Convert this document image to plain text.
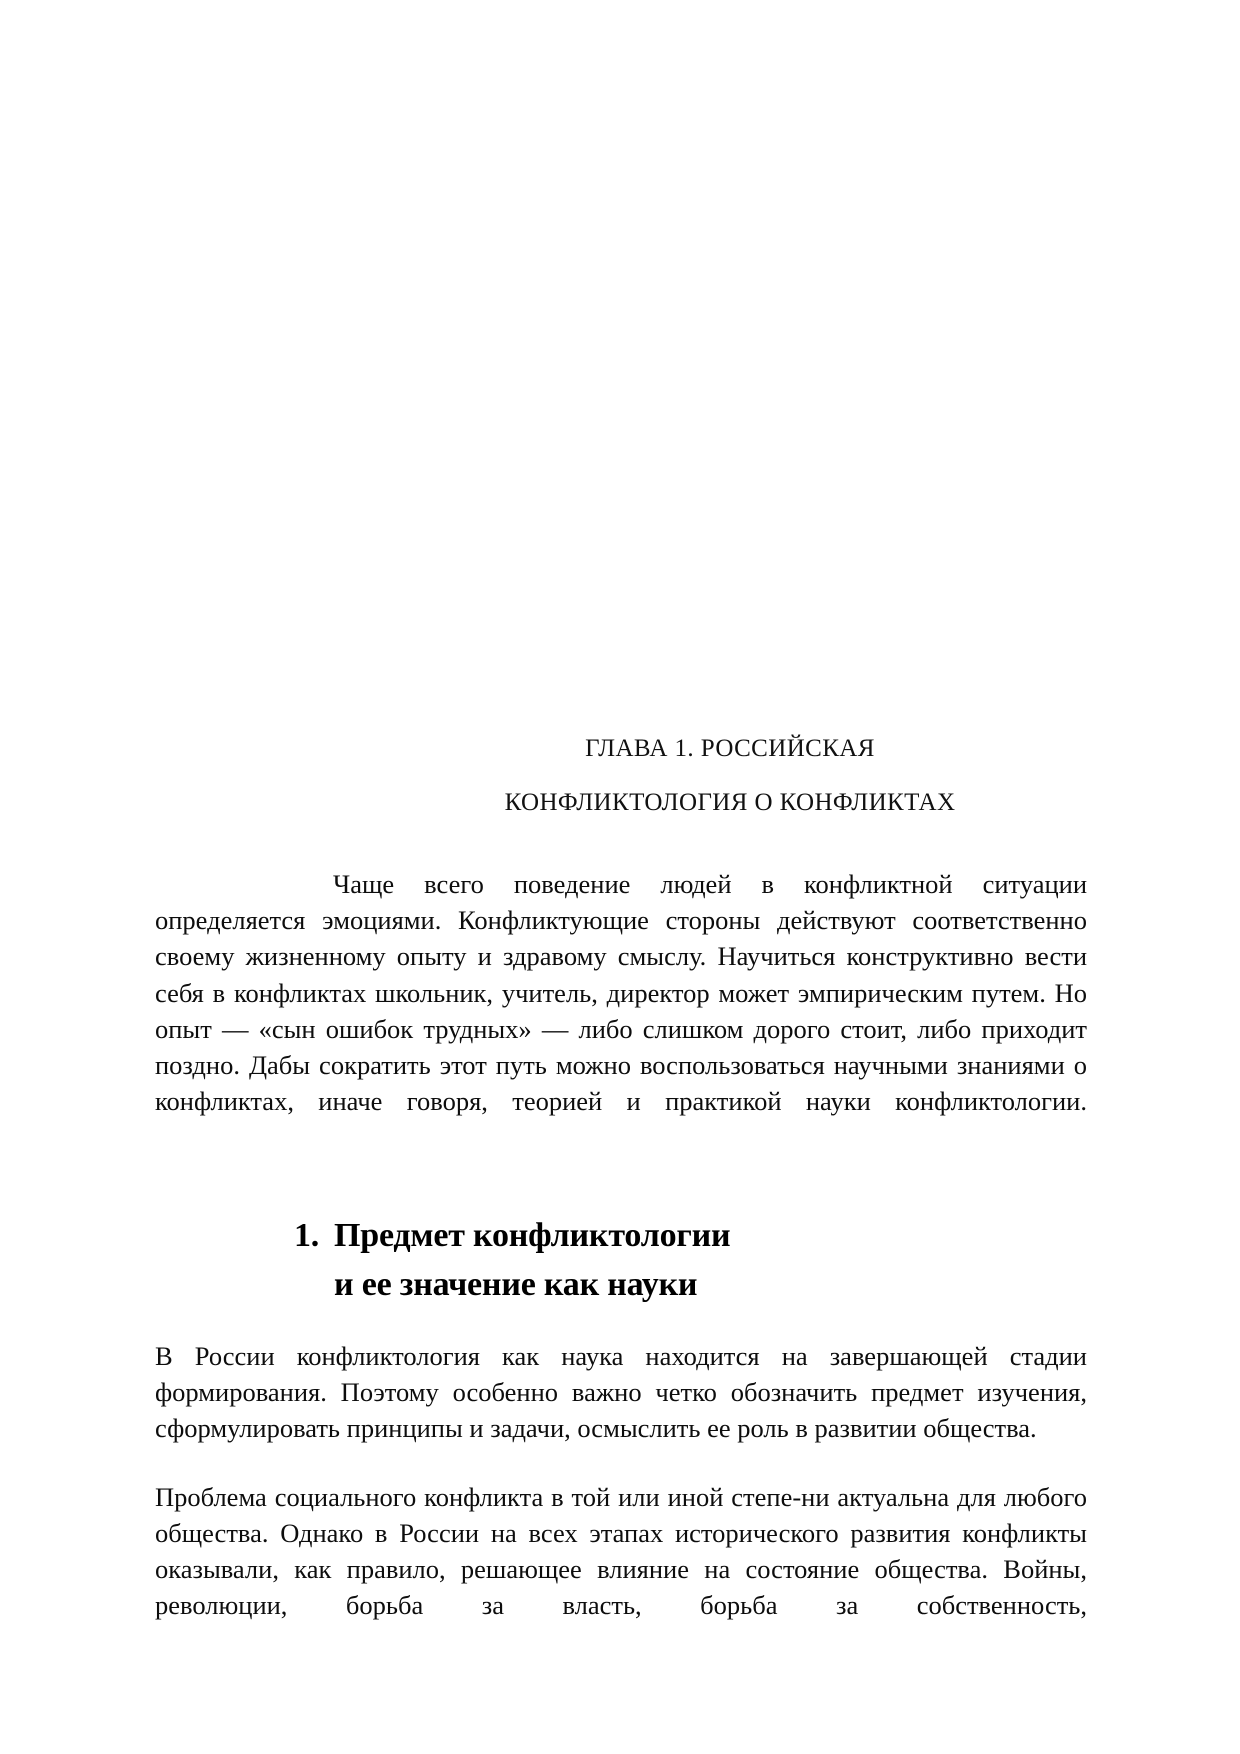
ГЛАВА 1. РОССИЙСКАЯ
КОНФЛИКТОЛОГИЯ О КОНФЛИКТАХ

Чаще всего поведение людей в конфликтной ситуации определяется эмоциями. Конфликтующие стороны действуют соответственно своему жизненному опыту и здравому смыслу. Научиться конструктивно вести себя в конфликтах школьник, учитель, директор может эмпирическим путем. Но опыт — «сын ошибок трудных» — либо слишком дорого стоит, либо приходит поздно. Дабы сократить этот путь можно воспользоваться научными знаниями о конфликтах, иначе говоря, теорией и практикой науки конфликтологии.

1. Предмет конфликтологии
и ее значение как науки

В России конфликтология как наука находится на завершающей стадии формирования. Поэтому особенно важно четко обозначить предмет изучения, сформулировать принципы и задачи, осмыслить ее роль в развитии общества.

Проблема социального конфликта в той или иной степе-ни актуальна для любого общества. Однако в России на всех этапах исторического развития конфликты оказывали, как правило, решающее влияние на состояние общества. Войны, революции, борьба за власть, борьба за собственность,
